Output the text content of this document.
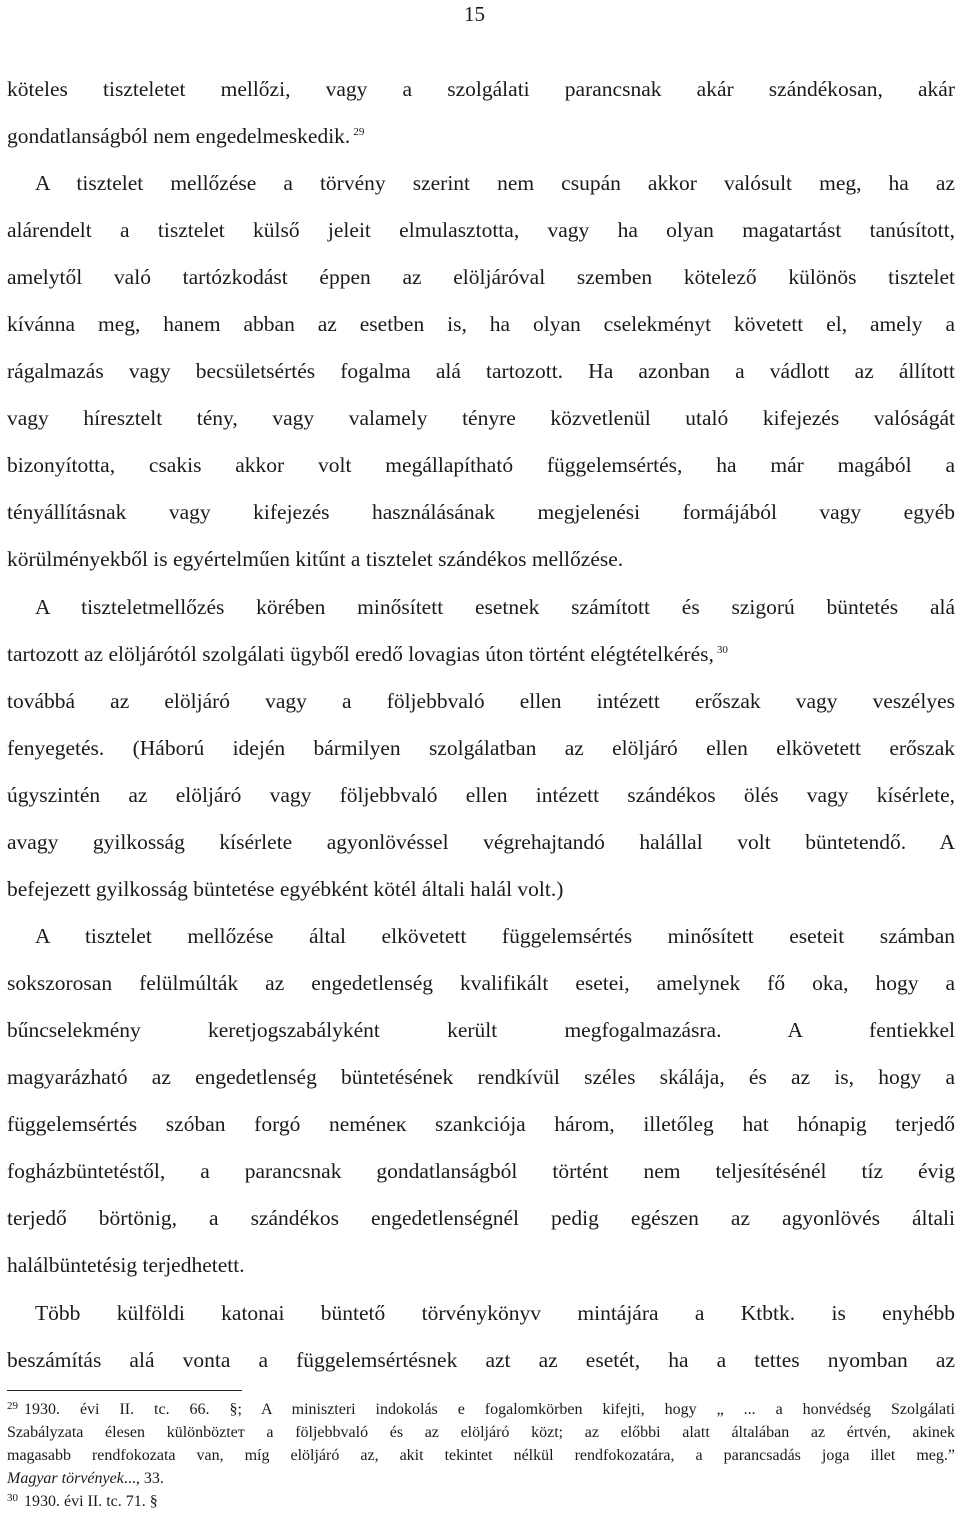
15
köteles tiszteletet mellőzi, vagy a szolgálati parancsnak akár szándékosan, akár
gondatlanságból nem engedelmeskedik. $^{29}$
A tisztelet mellőzése a törvény szerint nem csupán akkor valósult meg, ha az
alárendelt a tisztelet külső jeleit elmulasztotta, vagy ha olyan magatartást tanúsított,
amelytől való tartózkodást éppen az elöljáróval szemben kötelező különös tisztelet
kívánna meg, hanem abban az esetben is, ha olyan cselekményt követett el, amely a
rágalmazás vagy becsületsértés fogalma alá tartozott. Ha azonban a vádlott az állított
vagy híresztelt tény, vagy valamely tényre közvetlenül utaló kifejezés valóságát
bizonyította, csakis akkor volt megállapítható függelemsértés, ha már magából a
tényállításnak vagy kifejezés használásának megjelenési formájából vagy egyéb
körülményekből is egyértelműen kitűnt a tisztelet szándékos mellőzése.
A tiszteletmellőzés körében minősített esetnek számított és szigorú büntetés alá
tartozott az elöljárótól szolgálati ügyből eredő lovagias úton történt elégtételkérés, $^{30}$
továbbá az elöljáró vagy a följebbvaló ellen intézett erőszak vagy veszélyes
fenyegetés. (Háború idején bármilyen szolgálatban az elöljáró ellen elkövetett erőszak
úgyszintén az elöljáró vagy följebbvaló ellen intézett szándékos ölés vagy kísérlete,
avagy gyilkosság kísérlete agyonlövéssel végrehajtandó halállal volt büntetendő. A
befejezett gyilkosság büntetése egyébként kötél általi halál volt.)
A tisztelet mellőzése által elkövetett függelemsértés minősített eseteit számban
sokszorosan felülmúlták az engedetlenség kvalifikált esetei, amelynek fő oka, hogy a
bűncselekmény keretjogszabályként került megfogalmazásra. A fentiekkel
magyarázható az engedetlenség büntetésének rendkívül széles skálája, és az is, hogy a
függelemsértés szóban forgó neméneк szankciója három, illetőleg hat hónapig terjedő
fogházbüntetéstől, a parancsnak gondatlanságból történt nem teljesítésénél tíz évig
terjedő börtönig, a szándékos engedetlenségnél pedig egészen az agyonlövés általi
halálbüntetésig terjedhetett.
Több külföldi katonai büntető törvénykönyv mintájára a Ktbtk. is enyhébb
beszámítás alá vonta a függelemsértésnek azt az esetét, ha a tettes nyomban az
$^{29}$ 1930. évi II. tc. 66. §; A miniszteri indokolás e fogalomkörben kifejti, hogy „ ... a honvédség Szolgálati
Szabályzata élesen különbözteт a följebbvaló és az elöljáró közt; az előbbi alatt általában az értvén, akinek
magasabb rendfokozata van, míg elöljáró az, akit tekintet nélkül rendfokozatára, a parancsadás joga illet meg.”
Magyar törvények..., 33.
$^{30}$ 1930. évi II. tc. 71. §
